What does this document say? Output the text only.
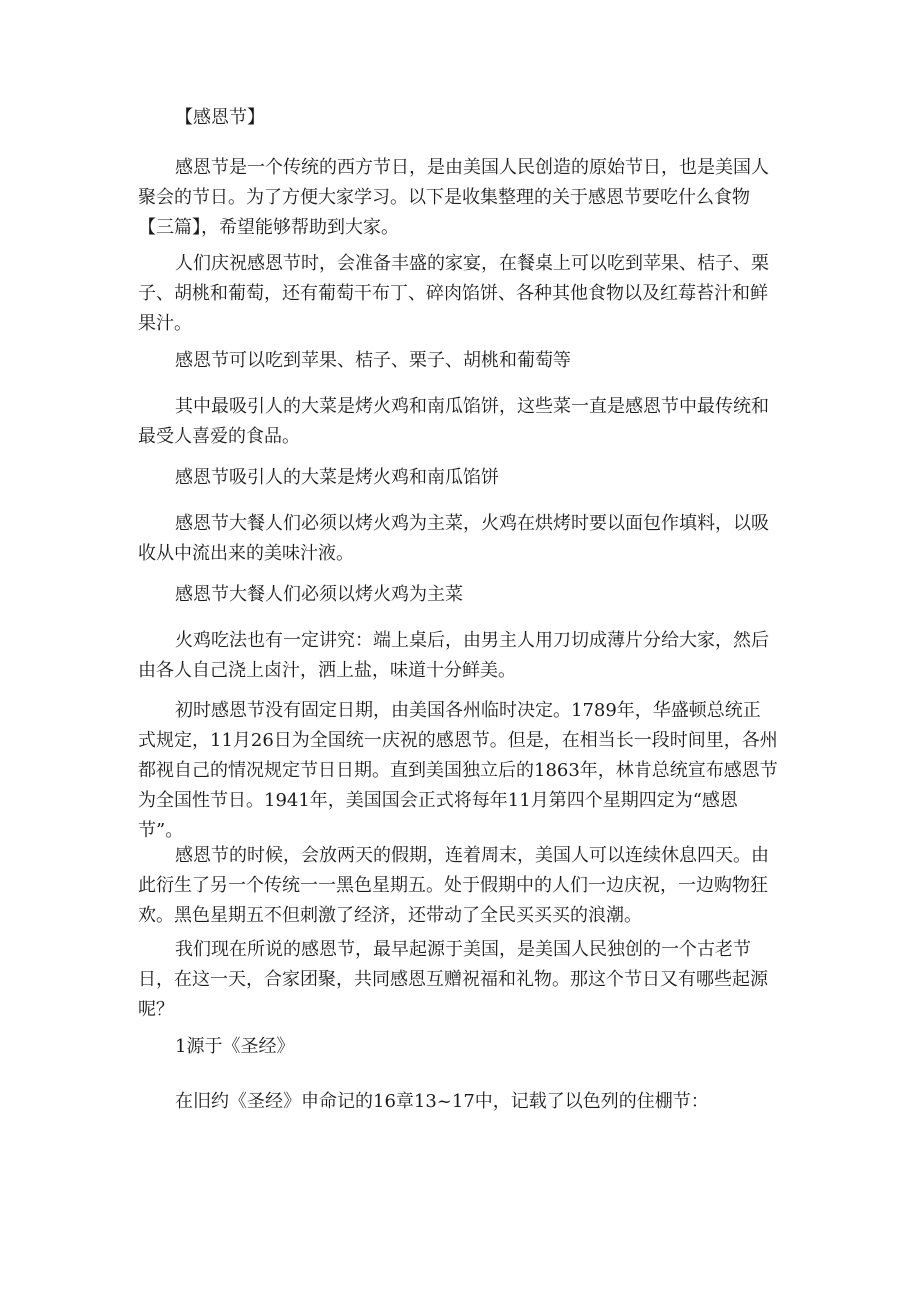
【感恩节】

感恩节是一个传统的西方节日，是由美国人民创造的原始节日，也是美国人聚会的节日。为了方便大家学习。以下是收集整理的关于感恩节要吃什么食物【三篇】，希望能够帮助到大家。

人们庆祝感恩节时，会准备丰盛的家宴，在餐桌上可以吃到苹果、桔子、栗子、胡桃和葡萄，还有葡萄干布丁、碎肉馅饼、各种其他食物以及红莓苔汁和鲜果汁。

感恩节可以吃到苹果、桔子、栗子、胡桃和葡萄等

其中最吸引人的大菜是烤火鸡和南瓜馅饼，这些菜一直是感恩节中最传统和最受人喜爱的食品。

感恩节吸引人的大菜是烤火鸡和南瓜馅饼

感恩节大餐人们必须以烤火鸡为主菜，火鸡在烘烤时要以面包作填料，以吸收从中流出来的美味汁液。

感恩节大餐人们必须以烤火鸡为主菜

火鸡吃法也有一定讲究：端上桌后，由男主人用刀切成薄片分给大家，然后由各人自己浇上卤汁，洒上盐，味道十分鲜美。

初时感恩节没有固定日期，由美国各州临时决定。1789年，华盛顿总统正式规定，11月26日为全国统一庆祝的感恩节。但是，在相当长一段时间里，各州都视自己的情况规定节日日期。直到美国独立后的1863年，林肯总统宣布感恩节为全国性节日。1941年，美国国会正式将每年11月第四个星期四定为“感恩节”。

感恩节的时候，会放两天的假期，连着周末，美国人可以连续休息四天。由此衍生了另一个传统一一黑色星期五。处于假期中的人们一边庆祝，一边购物狂欢。黑色星期五不但刺激了经济，还带动了全民买买买的浪潮。

我们现在所说的感恩节，最早起源于美国，是美国人民独创的一个古老节日，在这一天，合家团聚，共同感恩互赠祝福和礼物。那这个节日又有哪些起源呢？

1源于《圣经》

在旧约《圣经》申命记的16章13~17中，记载了以色列的住棚节：
